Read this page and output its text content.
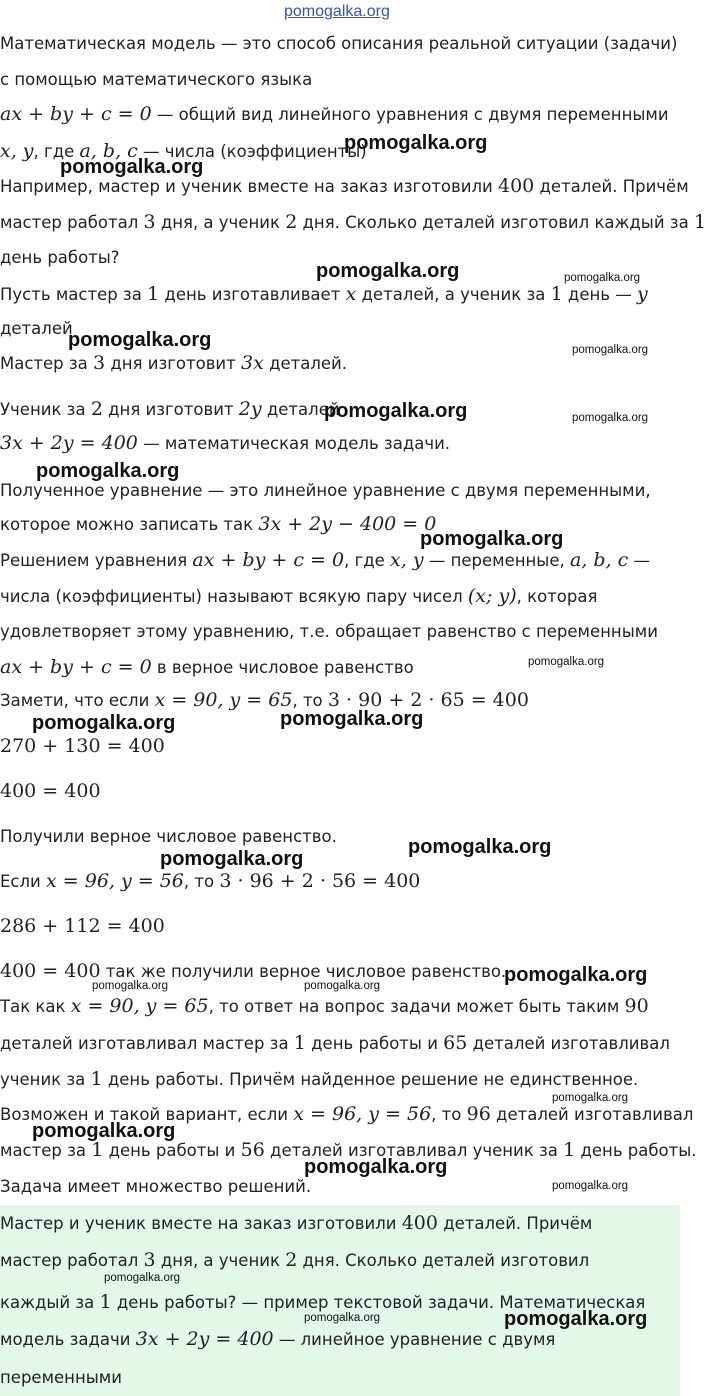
pomogalka.org
Математическая модель — это способ описания реальной ситуации (задачи)
с помощью математического языка
ax + by + c = 0 — общий вид линейного уравнения с двумя переменными
x, y, где a, b, c — числа (коэффициенты)
Например, мастер и ученик вместе на заказ изготовили 400 деталей. Причём
мастер работал 3 дня, а ученик 2 дня. Сколько деталей изготовил каждый за 1
день работы?
Пусть мастер за 1 день изготавливает x деталей, а ученик за 1 день — y
деталей
Мастер за 3 дня изготовит 3x деталей.
Ученик за 2 дня изготовит 2y деталей
3x + 2y = 400 — математическая модель задачи.
Полученное уравнение — это линейное уравнение с двумя переменными,
которое можно записать так 3x + 2y − 400 = 0
Решением уравнения ax + by + c = 0, где x, y — переменные, a, b, c —
числа (коэффициенты) называют всякую пару чисел (x; y), которая
удовлетворяет этому уравнению, т.е. обращает равенство с переменными
ax + by + c = 0 в верное числовое равенство
Замети, что если x = 90, y = 65, то 3 · 90 + 2 · 65 = 400
270 + 130 = 400
400 = 400
Получили верное числовое равенство.
Если x = 96, y = 56, то 3 · 96 + 2 · 56 = 400
286 + 112 = 400
400 = 400 так же получили верное числовое равенство.
Так как x = 90, y = 65, то ответ на вопрос задачи может быть таким 90
деталей изготавливал мастер за 1 день работы и 65 деталей изготавливал
ученик за 1 день работы. Причём найденное решение не единственное.
Возможен и такой вариант, если x = 96, y = 56, то 96 деталей изготавливал
мастер за 1 день работы и 56 деталей изготавливал ученик за 1 день работы.
Задача имеет множество решений.
Мастер и ученик вместе на заказ изготовили 400 деталей. Причём
мастер работал 3 дня, а ученик 2 дня. Сколько деталей изготовил
каждый за 1 день работы? — пример текстовой задачи. Математическая
модель задачи 3x + 2y = 400 — линейное уравнение с двумя
переменными
pomogalka.org
pomogalka.org
pomogalka.org	pomogalka.org
pomogalka.org	pomogalka.org
pomogalka.org	pomogalka.org
pomogalka.org
pomogalka.org
pomogalka.org
pomogalka.org	pomogalka.org
pomogalka.org
pomogalka.org
pomogalka.org
pomogalka.org	pomogalka.org
pomogalka.org
pomogalka.org
pomogalka.org
pomogalka.org
pomogalka.org
pomogalka.org	pomogalka.org
